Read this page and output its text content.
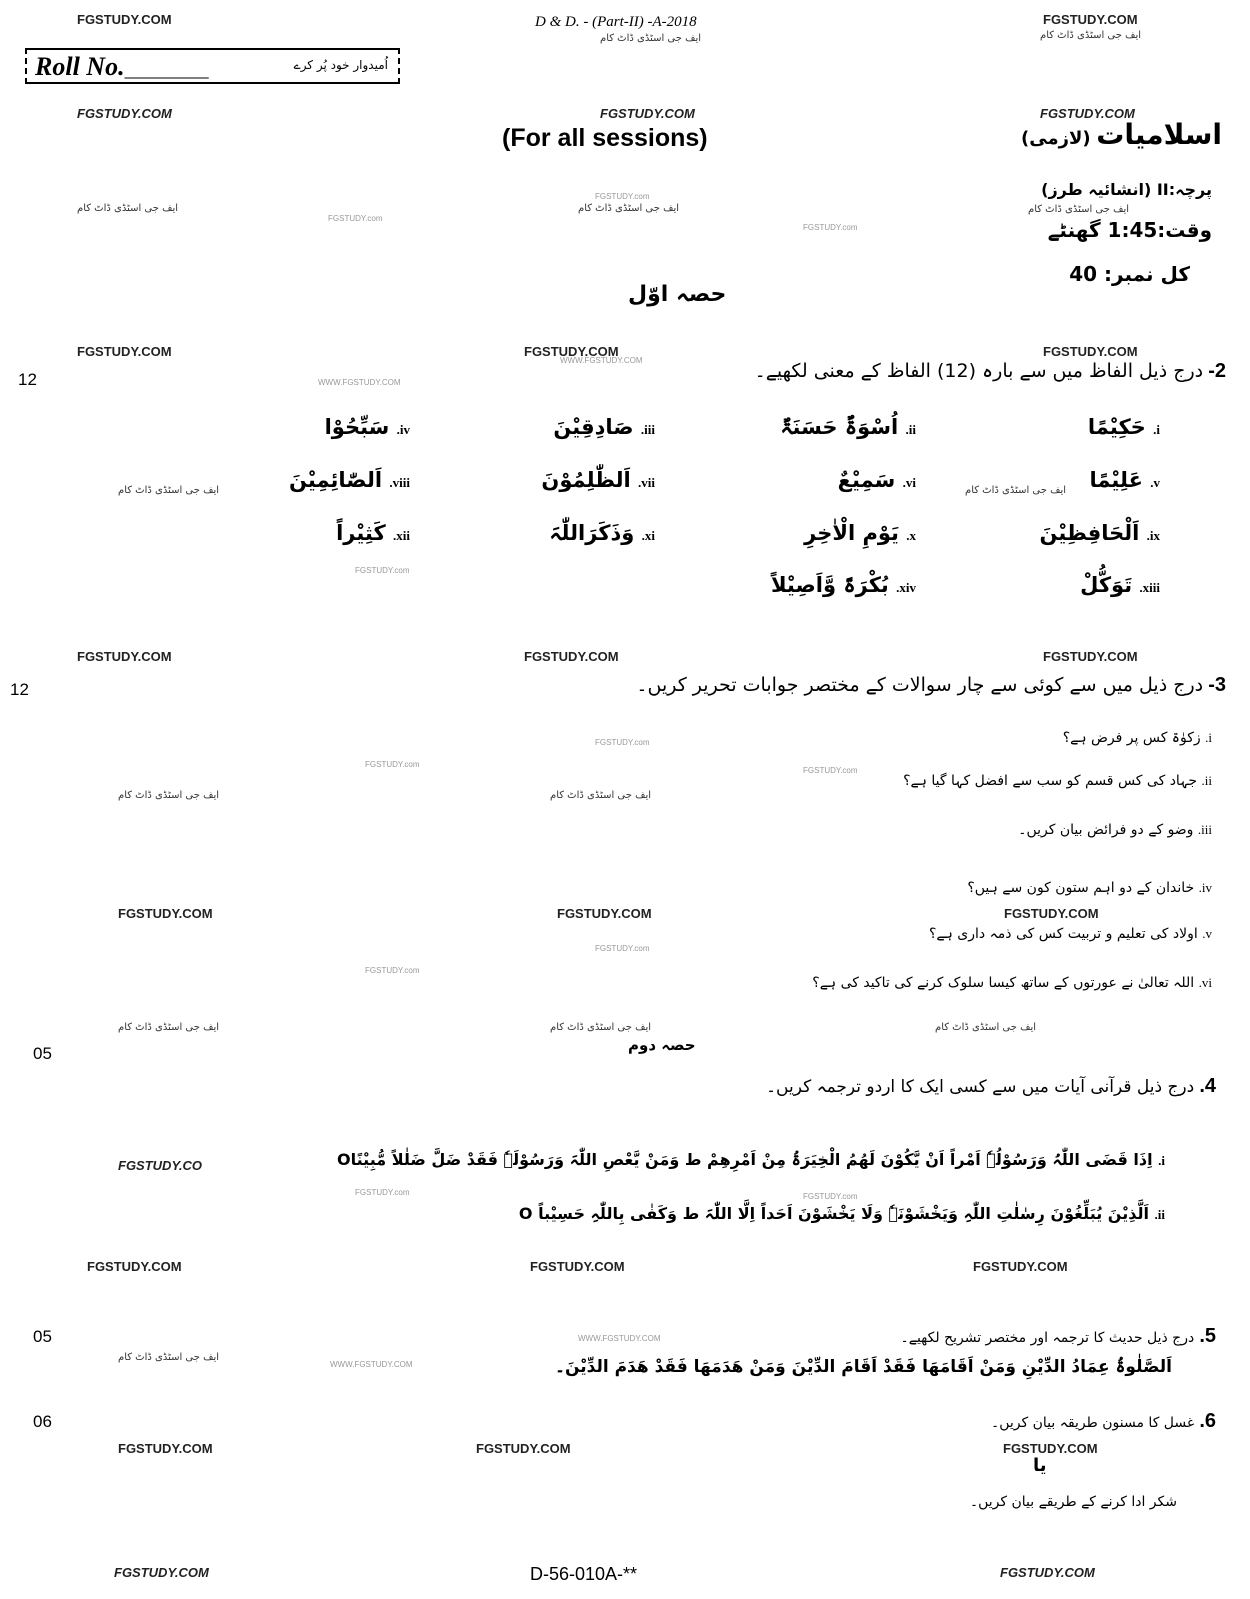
FGSTUDY.COM	FGSTUDY.COM
ایف جی اسٹڈی ڈاٹ کام
D & D. - (Part-II) -A-2018
ایف جی اسٹڈی ڈاٹ کام
Roll No.____________	اُمیدوار خود پُر کرے
FGSTUDY.COM	FGSTUDY.COM	FGSTUDY.COM
(For all sessions)	اسلامیات (لازمی)
ایف جی اسٹڈی ڈاٹ کام
FGSTUDY.com
FGSTUDY.com
ایف جی اسٹڈی ڈاٹ کام
FGSTUDY.com
پرچہ:II (انشائیہ طرز)
ایف جی اسٹڈی ڈاٹ کام
وقت:1:45 گھنٹے
کل نمبر: 40
حصہ اوّل
FGSTUDY.COM	FGSTUDY.COM	FGSTUDY.COM
WWW.FGSTUDY.COM
WWW.FGSTUDY.COM
12	2- درج ذیل الفاظ میں سے بارہ (12) الفاظ کے معنی لکھیے۔
i. حَکِیْمًا
ii. اُسْوَۃٌ حَسَنَۃٌ
iii. صَادِقِیْنَ
iv. سَبِّحُوْا
v. عَلِیْمًا
vi. سَمِیْعٌ
vii. اَلظّٰلِمُوْنَ
viii. اَلصّٰائِمِیْنَ
ix. اَلْحَافِظِیْنَ
x. یَوْمِ الْاٰخِرِ
xi. وَذَکَرَاللّٰہَ
xii. کَثِیْراً
xiii. تَوَکُّلْ
xiv. بُکْرَۃً وَّاَصِیْلاً
ایف جی اسٹڈی ڈاٹ کام	ایف جی اسٹڈی ڈاٹ کام
FGSTUDY.com
FGSTUDY.COM	FGSTUDY.COM	FGSTUDY.COM
12	3- درج ذیل میں سے کوئی سے چار سوالات کے مختصر جوابات تحریر کریں۔
i. زکوٰۃ کس پر فرض ہے؟
ii. جہاد کی کس قسم کو سب سے افضل کہا گیا ہے؟
iii. وضو کے دو فرائض بیان کریں۔
iv. خاندان کے دو اہم ستون کون سے ہیں؟
v. اولاد کی تعلیم و تربیت کس کی ذمہ داری ہے؟
vi. اللہ تعالیٰ نے عورتوں کے ساتھ کیسا سلوک کرنے کی تاکید کی ہے؟
ایف جی اسٹڈی ڈاٹ کام	ایف جی اسٹڈی ڈاٹ کام
FGSTUDY.com
FGSTUDY.com
FGSTUDY.com
FGSTUDY.COM	FGSTUDY.COM	FGSTUDY.COM
FGSTUDY.com
FGSTUDY.com
ایف جی اسٹڈی ڈاٹ کام	ایف جی اسٹڈی ڈاٹ کام	ایف جی اسٹڈی ڈاٹ کام
حصہ دوم
05
4. درج ذیل قرآنی آیات میں سے کسی ایک کا اردو ترجمہ کریں۔
i. اِذَا قَضَی اللّٰہُ وَرَسُوْلُہٗ اَمْراً اَنْ یَّکُوْنَ لَھُمُ الْخِیَرَۃُ مِنْ اَمْرِھِمْ ط وَمَنْ یَّعْصِ اللّٰہَ وَرَسُوْلَہٗ فَقَدْ ضَلَّ ضَلٰلاً مُّبِیْنًاO
FGSTUDY.CO
FGSTUDY.com	FGSTUDY.com
ii. اَلَّذِیْنَ یُبَلِّغُوْنَ رِسٰلٰتِ اللّٰہِ وَیَخْشَوْنَہٗ وَلَا یَخْشَوْنَ اَحَداً اِلَّا اللّٰہَ ط وَکَفٰی بِاللّٰہِ حَسِیْباً O
FGSTUDY.COM	FGSTUDY.COM	FGSTUDY.COM
05	5. درج ذیل حدیث کا ترجمہ اور مختصر تشریح لکھیے۔
WWW.FGSTUDY.COM
WWW.FGSTUDY.COM
ایف جی اسٹڈی ڈاٹ کام	اَلصَّلٰوۃُ عِمَادُ الدِّیْنِ وَمَنْ اَقَامَھَا فَقَدْ اَقَامَ الدِّیْنَ وَمَنْ ھَدَمَھَا فَقَدْ ھَدَمَ الدِّیْنَ۔
06	6. غسل کا مسنون طریقہ بیان کریں۔
FGSTUDY.COM	FGSTUDY.COM	FGSTUDY.COM
یا
شکر ادا کرنے کے طریقے بیان کریں۔
FGSTUDY.COM	D-56-010A-**	FGSTUDY.COM
